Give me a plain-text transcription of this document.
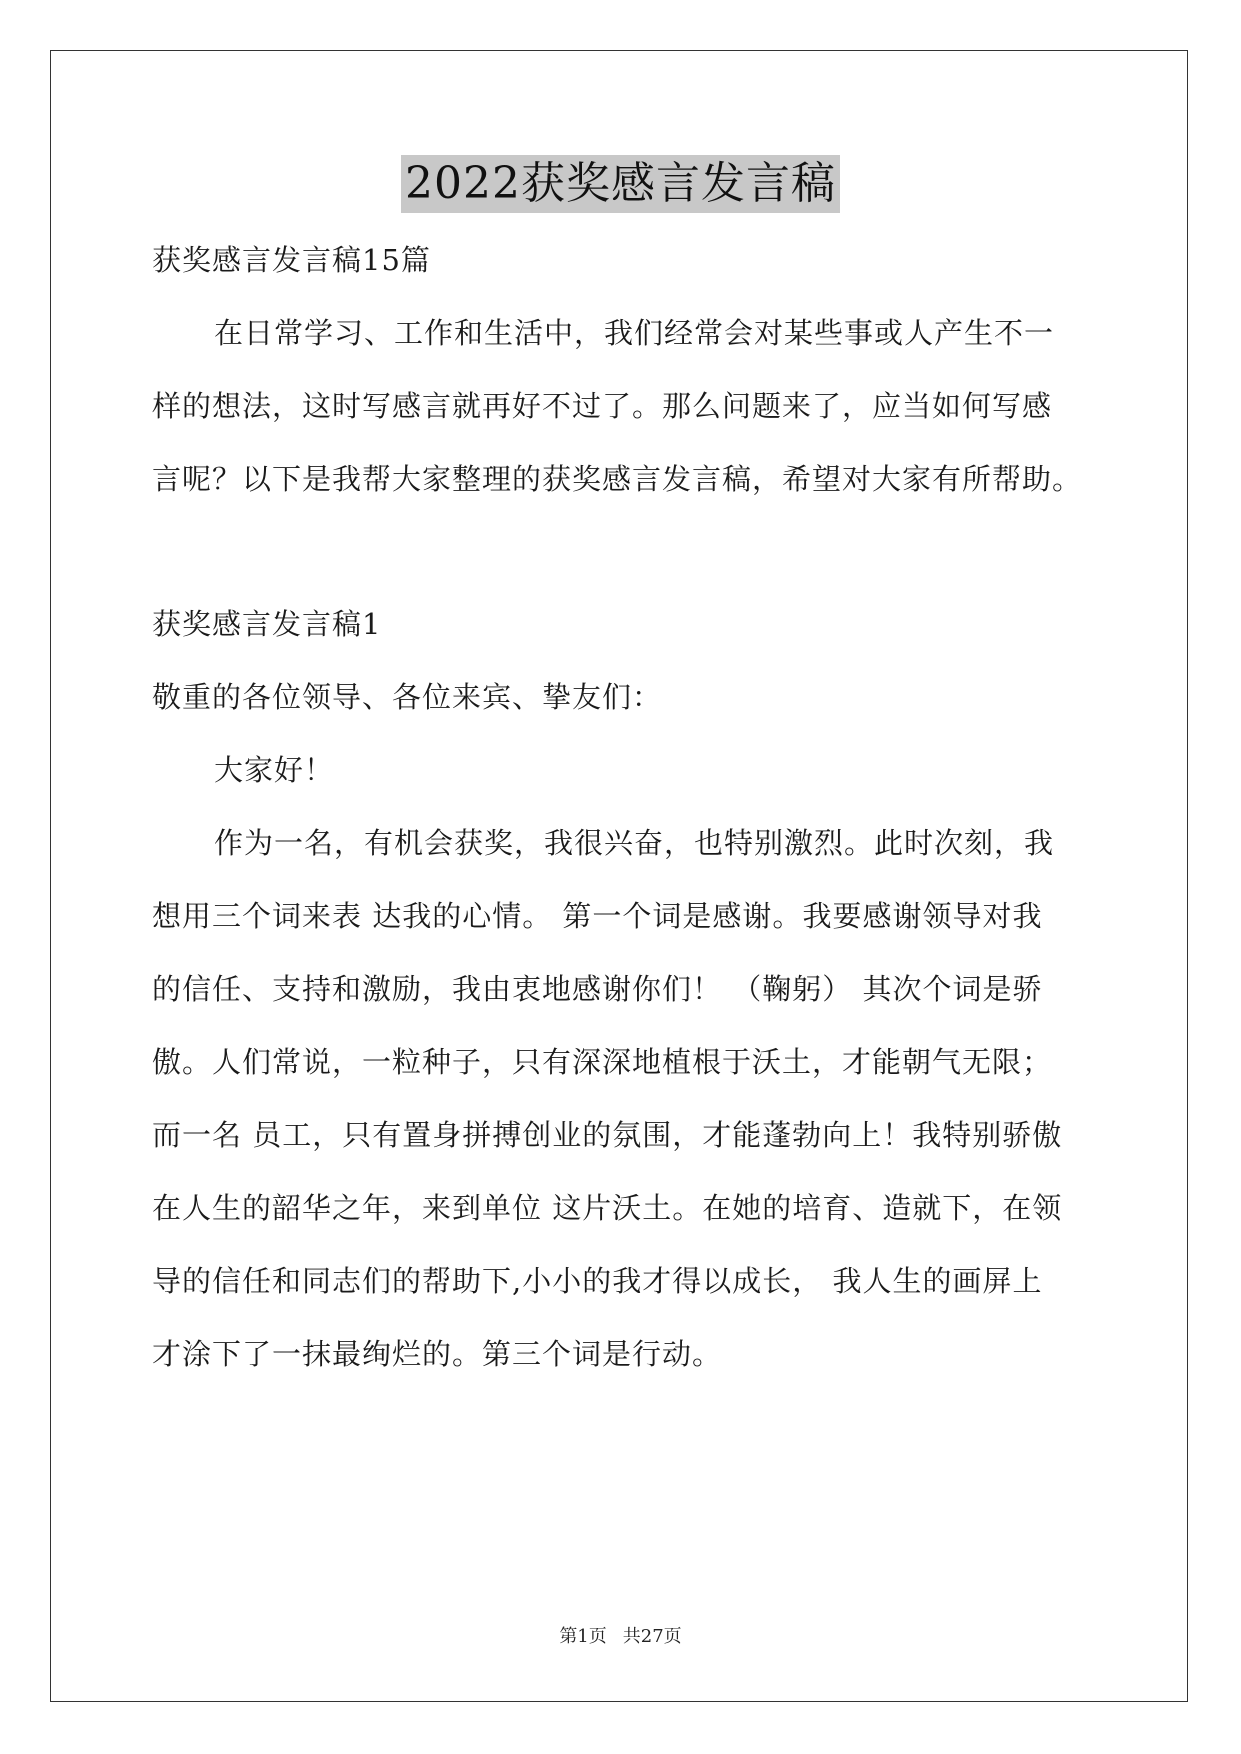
2022获奖感言发言稿
获奖感言发言稿15篇
在日常学习、工作和生活中，我们经常会对某些事或人产生不一
样的想法，这时写感言就再好不过了。那么问题来了，应当如何写感
言呢？以下是我帮大家整理的获奖感言发言稿，希望对大家有所帮助。
获奖感言发言稿1
敬重的各位领导、各位来宾、挚友们：
大家好！
作为一名，有机会获奖，我很兴奋，也特别激烈。此时次刻，我
想用三个词来表 达我的心情。 第一个词是感谢。我要感谢领导对我
的信任、支持和激励，我由衷地感谢你们！ （鞠躬） 其次个词是骄
傲。人们常说，一粒种子，只有深深地植根于沃土，才能朝气无限；
而一名 员工，只有置身拼搏创业的氛围，才能蓬勃向上！我特别骄傲
在人生的韶华之年，来到单位 这片沃土。在她的培育、造就下，在领
导的信任和同志们的帮助下,小小的我才得以成长， 我人生的画屏上
才涂下了一抹最绚烂的。第三个词是行动。
第1页 共27页
